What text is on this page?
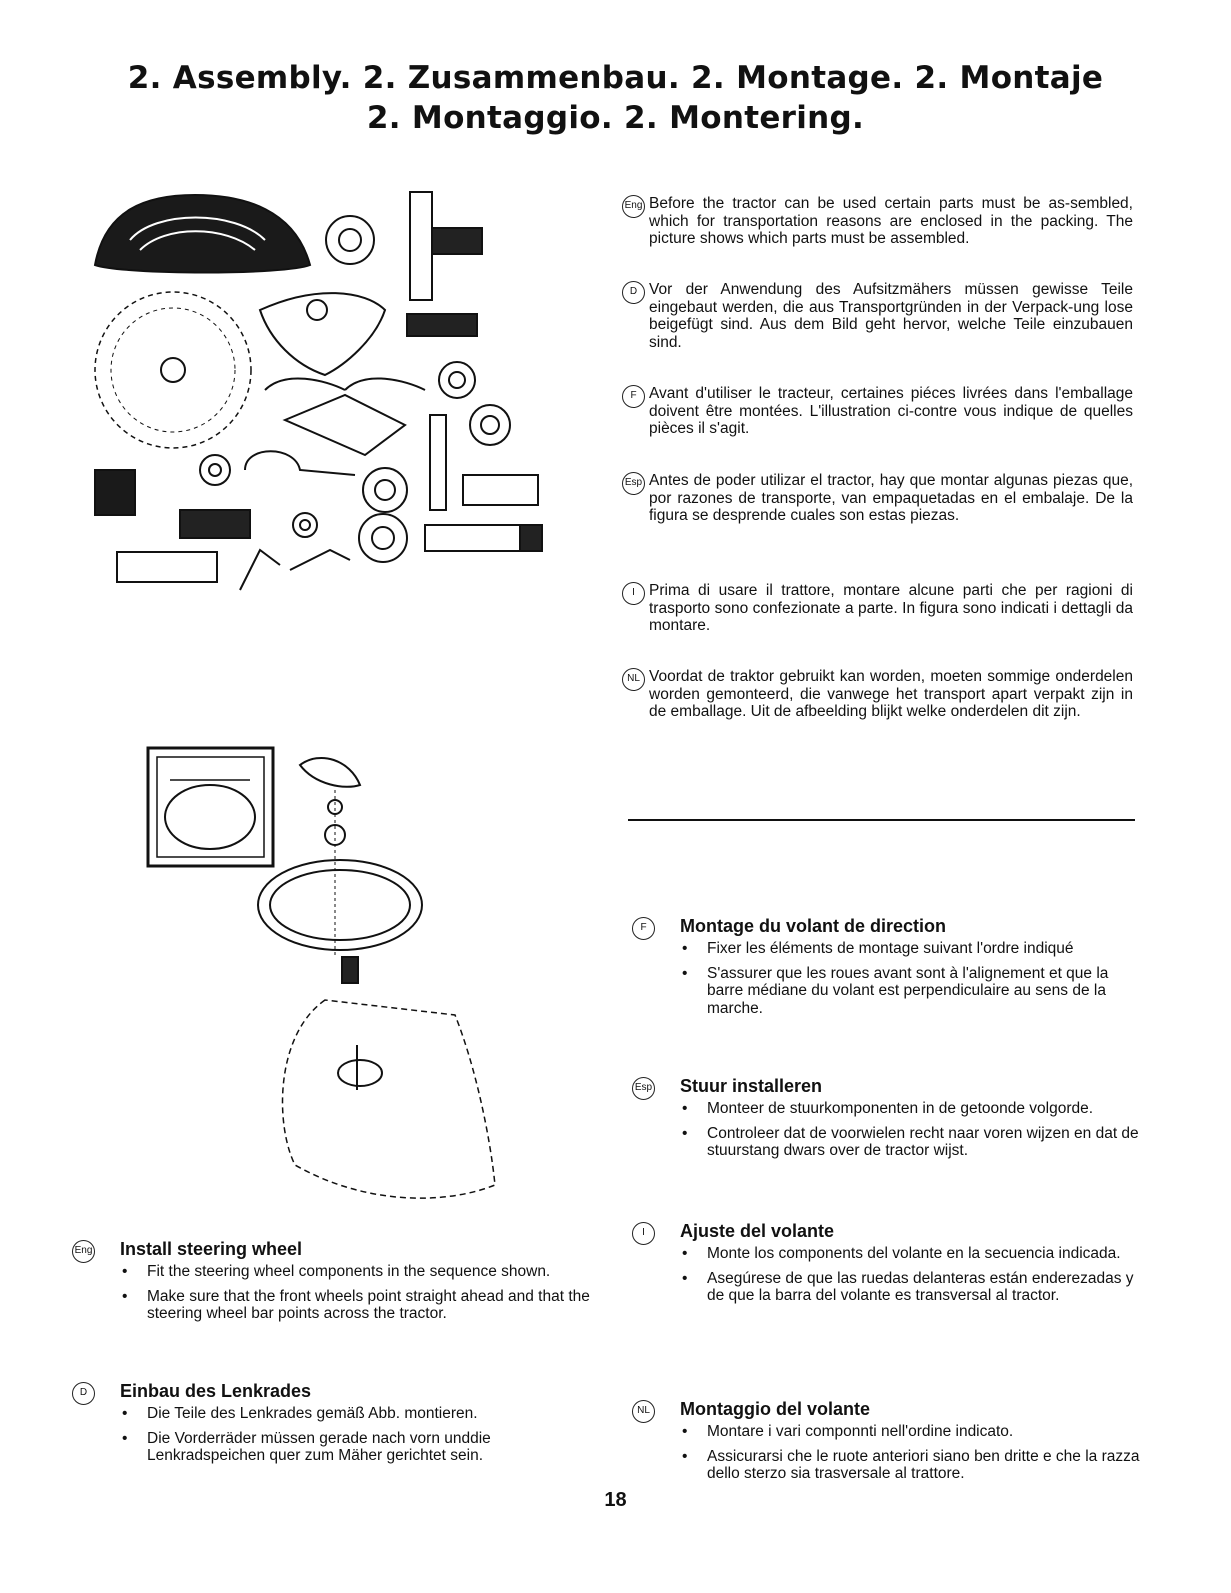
2. Assembly. 2. Zusammenbau. 2. Montage. 2. Montaje
2. Montaggio. 2. Montering.
Eng Before the tractor can be used certain parts must be as-sembled, which for transportation reasons are enclosed in the packing. The picture shows which parts must be assembled.
D Vor der Anwendung des Aufsitzmähers müssen gewisse Teile eingebaut werden, die aus Transportgründen in der Verpack-ung lose beigefügt sind. Aus dem Bild geht hervor, welche Teile einzubauen sind.
F Avant d'utiliser le tracteur, certaines piéces livrées dans l'emballage doivent être montées. L'illustration ci-contre vous indique de quelles pièces il s'agit.
Esp Antes de poder utilizar el tractor, hay que montar algunas piezas que, por razones de transporte, van empaquetadas en el embalaje. De la figura se desprende cuales son estas piezas.
I Prima di usare il trattore, montare alcune parti che per ragioni di trasporto sono confezionate a parte. In figura sono indicati i dettagli da montare.
NL Voordat de traktor gebruikt kan worden, moeten sommige onderdelen worden gemonteerd, die vanwege het transport apart verpakt zijn in de emballage. Uit de afbeelding blijkt welke onderdelen dit zijn.
Eng	Install steering wheel
• Fit the steering wheel components in the sequence shown.
• Make sure that the front wheels point straight ahead and that the steering wheel bar points across the tractor.
D	Einbau des Lenkrades
• Die Teile des Lenkrades gemäß Abb. montieren.
• Die Vorderräder müssen gerade nach vorn unddie Lenkradspeichen quer zum Mäher gerichtet sein.
F	Montage du volant de direction
• Fixer les éléments de montage suivant l'ordre indiqué
• S'assurer que les roues avant sont à l'alignement et que la barre médiane du volant est perpendiculaire au sens de la marche.
Esp	Stuur installeren
• Monteer de stuurkomponenten in de getoonde volgorde.
• Controleer dat de voorwielen recht naar voren wijzen en dat de stuurstang dwars over de tractor wijst.
I	Ajuste del volante
• Monte los components del volante en la secuencia indicada.
• Asegúrese de que las ruedas delanteras están enderezadas y de que la barra del volante es transversal al tractor.
NL	Montaggio del volante
• Montare i vari componnti nell'ordine indicato.
• Assicurarsi che le ruote anteriori siano ben dritte e che la razza dello sterzo sia trasversale al trattore.
18
